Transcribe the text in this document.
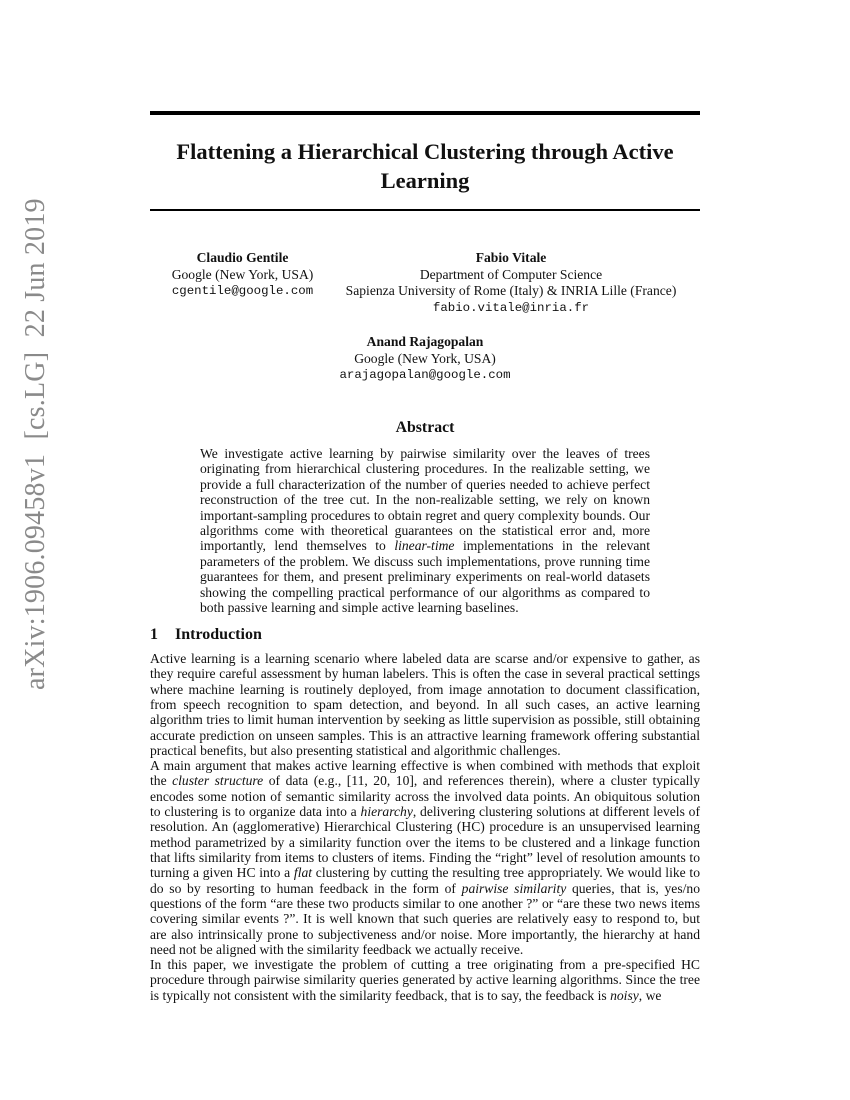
arXiv:1906.09458v1  [cs.LG]  22 Jun 2019
Flattening a Hierarchical Clustering through Active Learning
Claudio Gentile
Google (New York, USA)
cgentile@google.com
Fabio Vitale
Department of Computer Science
Sapienza University of Rome (Italy) & INRIA Lille (France)
fabio.vitale@inria.fr
Anand Rajagopalan
Google (New York, USA)
arajagopalan@google.com
Abstract
We investigate active learning by pairwise similarity over the leaves of trees originating from hierarchical clustering procedures. In the realizable setting, we provide a full characterization of the number of queries needed to achieve perfect reconstruction of the tree cut. In the non-realizable setting, we rely on known important-sampling procedures to obtain regret and query complexity bounds. Our algorithms come with theoretical guarantees on the statistical error and, more importantly, lend themselves to linear-time implementations in the relevant parameters of the problem. We discuss such implementations, prove running time guarantees for them, and present preliminary experiments on real-world datasets showing the compelling practical performance of our algorithms as compared to both passive learning and simple active learning baselines.
1 Introduction
Active learning is a learning scenario where labeled data are scarse and/or expensive to gather, as they require careful assessment by human labelers. This is often the case in several practical settings where machine learning is routinely deployed, from image annotation to document classification, from speech recognition to spam detection, and beyond. In all such cases, an active learning algorithm tries to limit human intervention by seeking as little supervision as possible, still obtaining accurate prediction on unseen samples. This is an attractive learning framework offering substantial practical benefits, but also presenting statistical and algorithmic challenges.
A main argument that makes active learning effective is when combined with methods that exploit the cluster structure of data (e.g., [11, 20, 10], and references therein), where a cluster typically encodes some notion of semantic similarity across the involved data points. An obiquitous solution to clustering is to organize data into a hierarchy, delivering clustering solutions at different levels of resolution. An (agglomerative) Hierarchical Clustering (HC) procedure is an unsupervised learning method parametrized by a similarity function over the items to be clustered and a linkage function that lifts similarity from items to clusters of items. Finding the “right” level of resolution amounts to turning a given HC into a flat clustering by cutting the resulting tree appropriately. We would like to do so by resorting to human feedback in the form of pairwise similarity queries, that is, yes/no questions of the form “are these two products similar to one another ?” or “are these two news items covering similar events ?”. It is well known that such queries are relatively easy to respond to, but are also intrinsically prone to subjectiveness and/or noise. More importantly, the hierarchy at hand need not be aligned with the similarity feedback we actually receive.
In this paper, we investigate the problem of cutting a tree originating from a pre-specified HC procedure through pairwise similarity queries generated by active learning algorithms. Since the tree is typically not consistent with the similarity feedback, that is to say, the feedback is noisy, we
